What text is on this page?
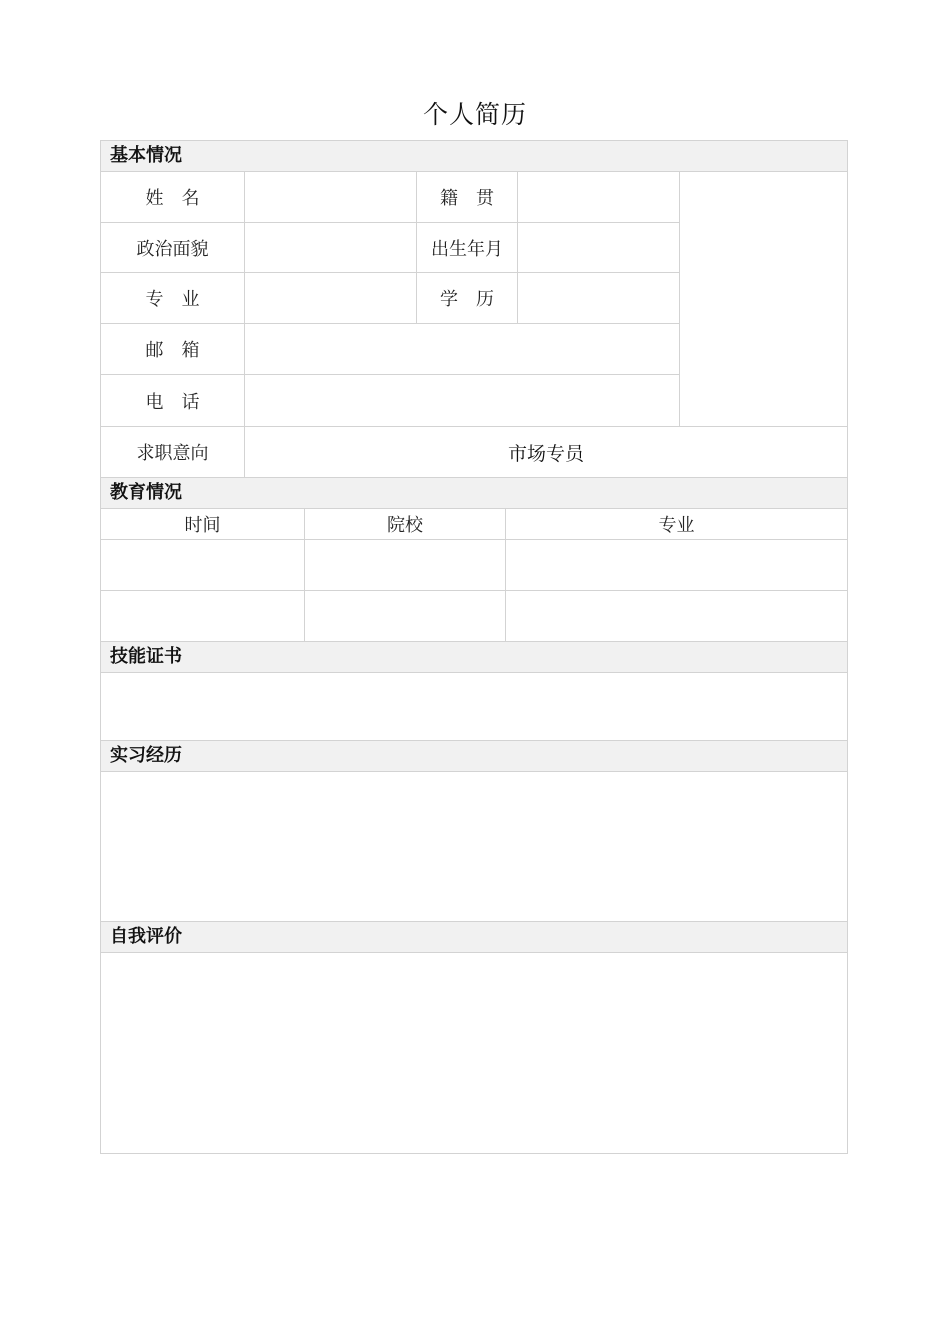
个人简历
基本情况
姓　名	籍　贯
政治面貌	出生年月
专　业	学　历
邮　箱
电　话
求职意向	市场专员
教育情况
时间	院校	专业
技能证书
实习经历
自我评价
